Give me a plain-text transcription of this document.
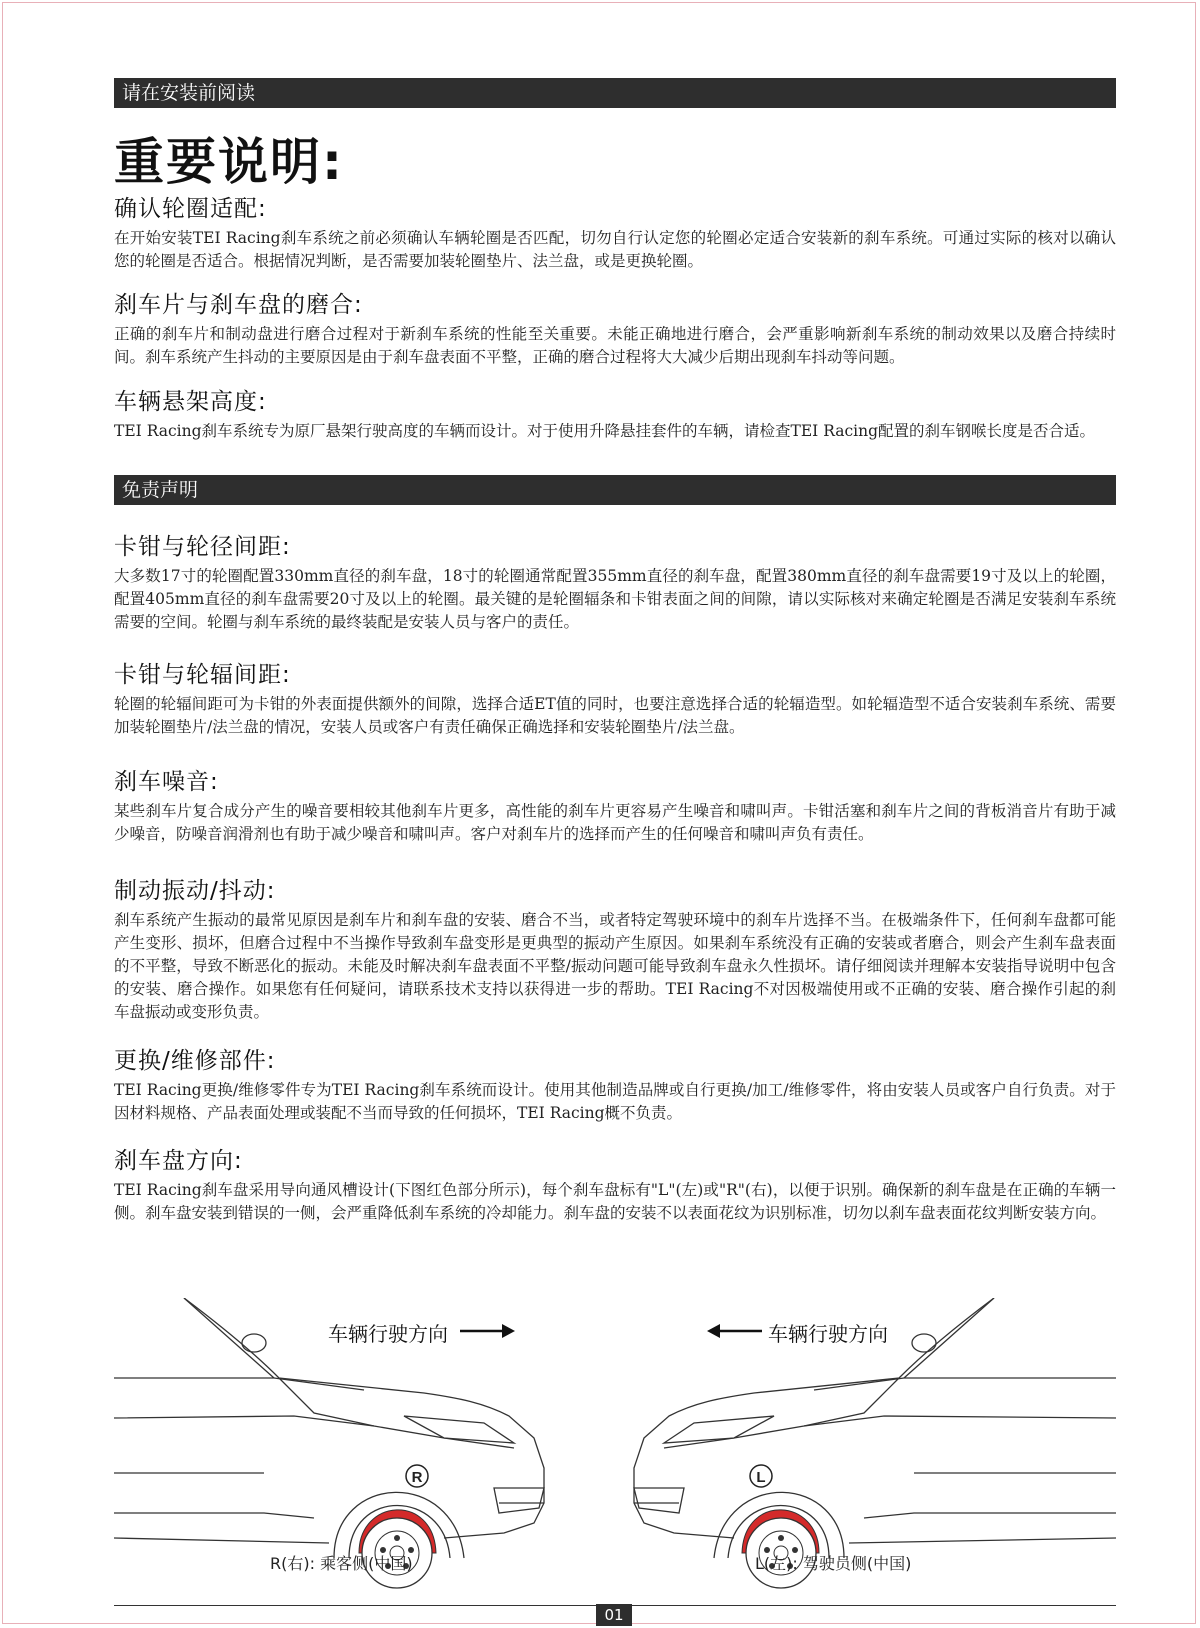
请在安装前阅读
重要说明:
确认轮圈适配:

在开始安装TEI Racing刹车系统之前必须确认车辆轮圈是否匹配，切勿自行认定您的轮圈必定适合安装新的刹车系统。可通过实际的核对以确认您的轮圈是否适合。根据情况判断，是否需要加装轮圈垫片、法兰盘，或是更换轮圈。

刹车片与刹车盘的磨合:

正确的刹车片和制动盘进行磨合过程对于新刹车系统的性能至关重要。未能正确地进行磨合，会严重影响新刹车系统的制动效果以及磨合持续时间。刹车系统产生抖动的主要原因是由于刹车盘表面不平整，正确的磨合过程将大大减少后期出现刹车抖动等问题。

车辆悬架高度:

TEI Racing刹车系统专为原厂悬架行驶高度的车辆而设计。对于使用升降悬挂套件的车辆，请检查TEI Racing配置的刹车钢喉长度是否合适。

免责声明
卡钳与轮径间距:

大多数17寸的轮圈配置330mm直径的刹车盘，18寸的轮圈通常配置355mm直径的刹车盘，配置380mm直径的刹车盘需要19寸及以上的轮圈，配置405mm直径的刹车盘需要20寸及以上的轮圈。最关键的是轮圈辐条和卡钳表面之间的间隙，请以实际核对来确定轮圈是否满足安装刹车系统需要的空间。轮圈与刹车系统的最终装配是安装人员与客户的责任。

卡钳与轮辐间距:

轮圈的轮辐间距可为卡钳的外表面提供额外的间隙，选择合适ET值的同时，也要注意选择合适的轮辐造型。如轮辐造型不适合安装刹车系统、需要加装轮圈垫片/法兰盘的情况，安装人员或客户有责任确保正确选择和安装轮圈垫片/法兰盘。

刹车噪音:

某些刹车片复合成分产生的噪音要相较其他刹车片更多，高性能的刹车片更容易产生噪音和啸叫声。卡钳活塞和刹车片之间的背板消音片有助于减少噪音，防噪音润滑剂也有助于减少噪音和啸叫声。客户对刹车片的选择而产生的任何噪音和啸叫声负有责任。

制动振动/抖动:

刹车系统产生振动的最常见原因是刹车片和刹车盘的安装、磨合不当，或者特定驾驶环境中的刹车片选择不当。在极端条件下，任何刹车盘都可能产生变形、损坏，但磨合过程中不当操作导致刹车盘变形是更典型的振动产生原因。如果刹车系统没有正确的安装或者磨合，则会产生刹车盘表面的不平整，导致不断恶化的振动。未能及时解决刹车盘表面不平整/振动问题可能导致刹车盘永久性损坏。请仔细阅读并理解本安装指导说明中包含的安装、磨合操作。如果您有任何疑问，请联系技术支持以获得进一步的帮助。TEI Racing不对因极端使用或不正确的安装、磨合操作引起的刹车盘振动或变形负责。

更换/维修部件:

TEI Racing更换/维修零件专为TEI Racing刹车系统而设计。使用其他制造品牌或自行更换/加工/维修零件，将由安装人员或客户自行负责。对于因材料规格、产品表面处理或装配不当而导致的任何损坏，TEI Racing概不负责。

刹车盘方向:

TEI Racing刹车盘采用导向通风槽设计(下图红色部分所示)，每个刹车盘标有"L"(左)或"R"(右)，以便于识别。确保新的刹车盘是在正确的车辆一侧。刹车盘安装到错误的一侧，会严重降低刹车系统的冷却能力。刹车盘的安装不以表面花纹为识别标准，切勿以刹车盘表面花纹判断安装方向。

R	L
车辆行驶方向	车辆行驶方向
R(右): 乘客侧(中国)	L(左): 驾驶员侧(中国)
01
